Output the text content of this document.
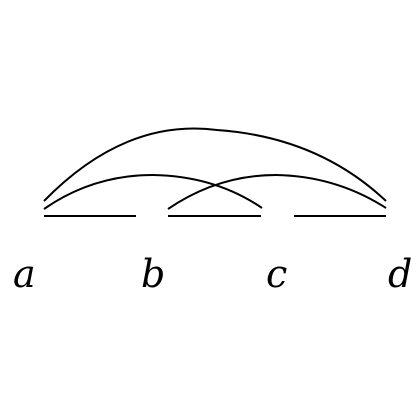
a	b	c	d
